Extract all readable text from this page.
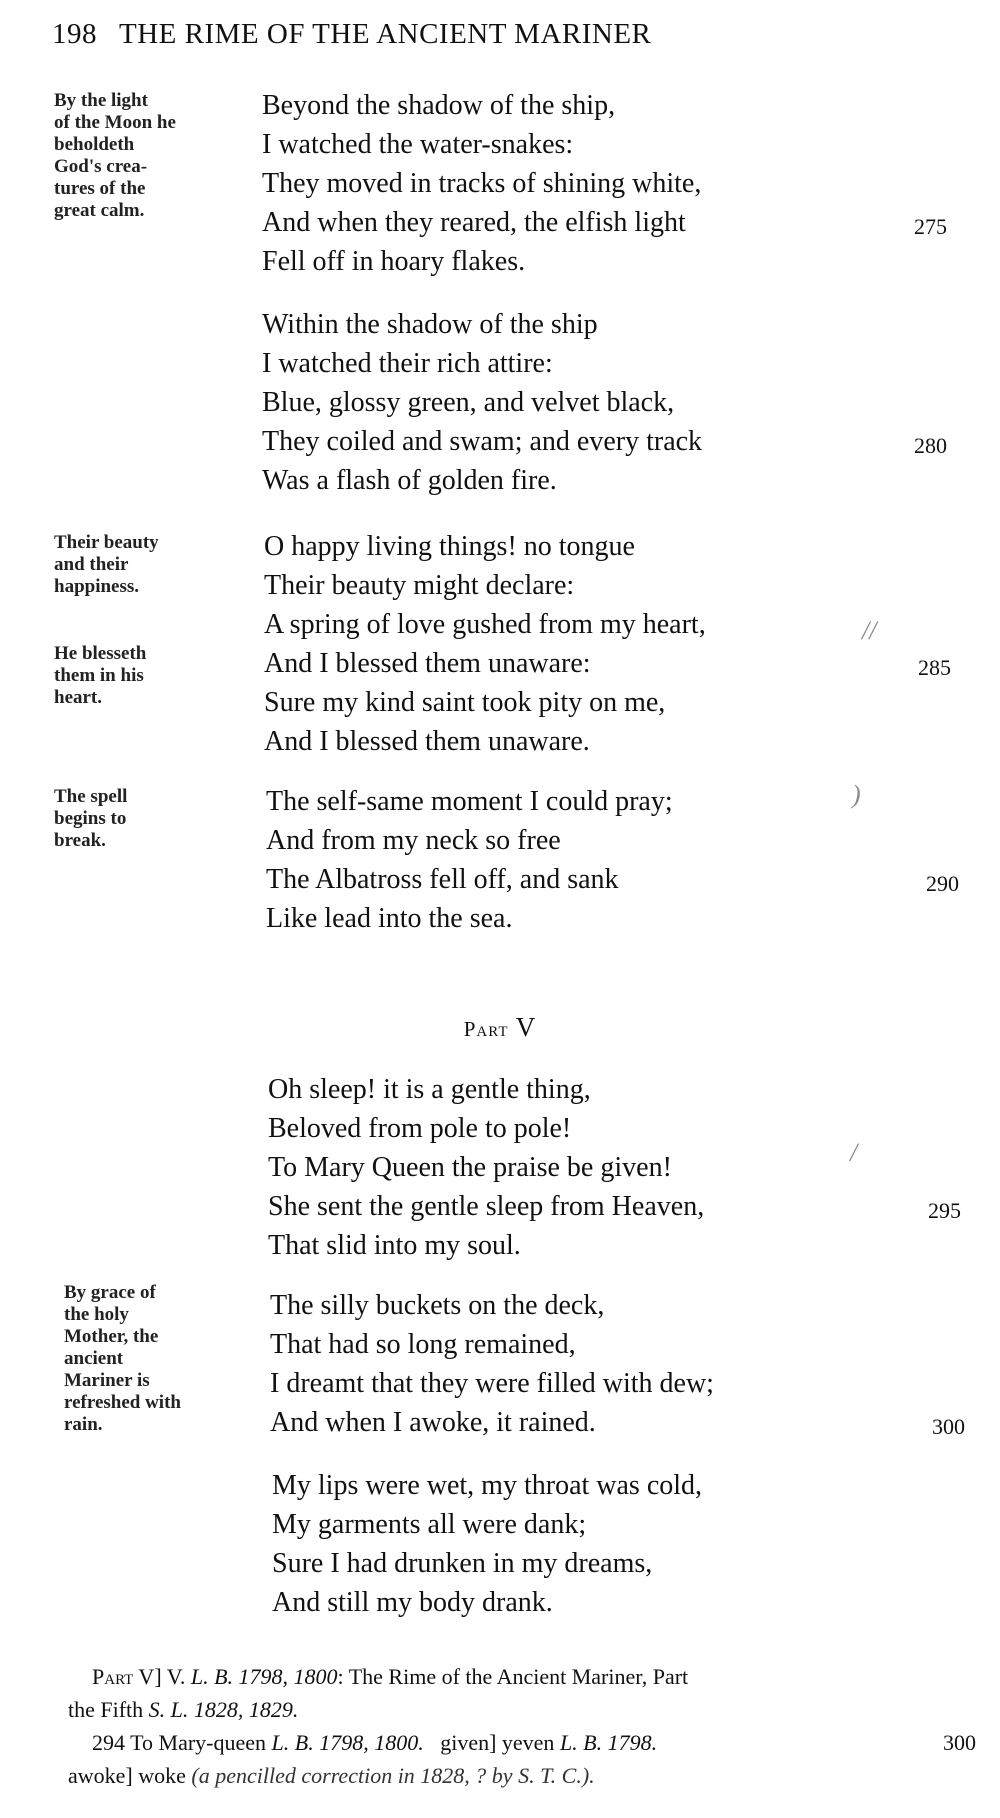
198 THE RIME OF THE ANCIENT MARINER
By the light
of the Moon he
beholdeth
God's crea-
tures of the
great calm.
Their beauty
and their
happiness.
He blesseth
them in his
heart.
The spell
begins to
break.
By grace of
the holy
Mother, the
ancient
Mariner is
refreshed with
rain.
Beyond the shadow of the ship,
I watched the water-snakes:
They moved in tracks of shining white,
And when they reared, the elfish light	275
Fell off in hoary flakes.
Within the shadow of the ship
I watched their rich attire:
Blue, glossy green, and velvet black,
They coiled and swam; and every track	280
Was a flash of golden fire.
O happy living things! no tongue
Their beauty might declare:
A spring of love gushed from my heart,
And I blessed them unaware:	285
Sure my kind saint took pity on me,
And I blessed them unaware.
The self-same moment I could pray;
And from my neck so free
The Albatross fell off, and sank	290
Like lead into the sea.
Part V
Oh sleep! it is a gentle thing,
Beloved from pole to pole!
To Mary Queen the praise be given!
She sent the gentle sleep from Heaven,	295
That slid into my soul.
The silly buckets on the deck,
That had so long remained,
I dreamt that they were filled with dew;
And when I awoke, it rained.	300
My lips were wet, my throat was cold,
My garments all were dank;
Sure I had drunken in my dreams,
And still my body drank.
//
)
/
Part V] V. L. B. 1798, 1800: The Rime of the Ancient Mariner, Part
the Fifth S. L. 1828, 1829.
294 To Mary-queen L. B. 1798, 1800. given] yeven L. B. 1798.	300
awoke] woke (a pencilled correction in 1828, ? by S. T. C.).
